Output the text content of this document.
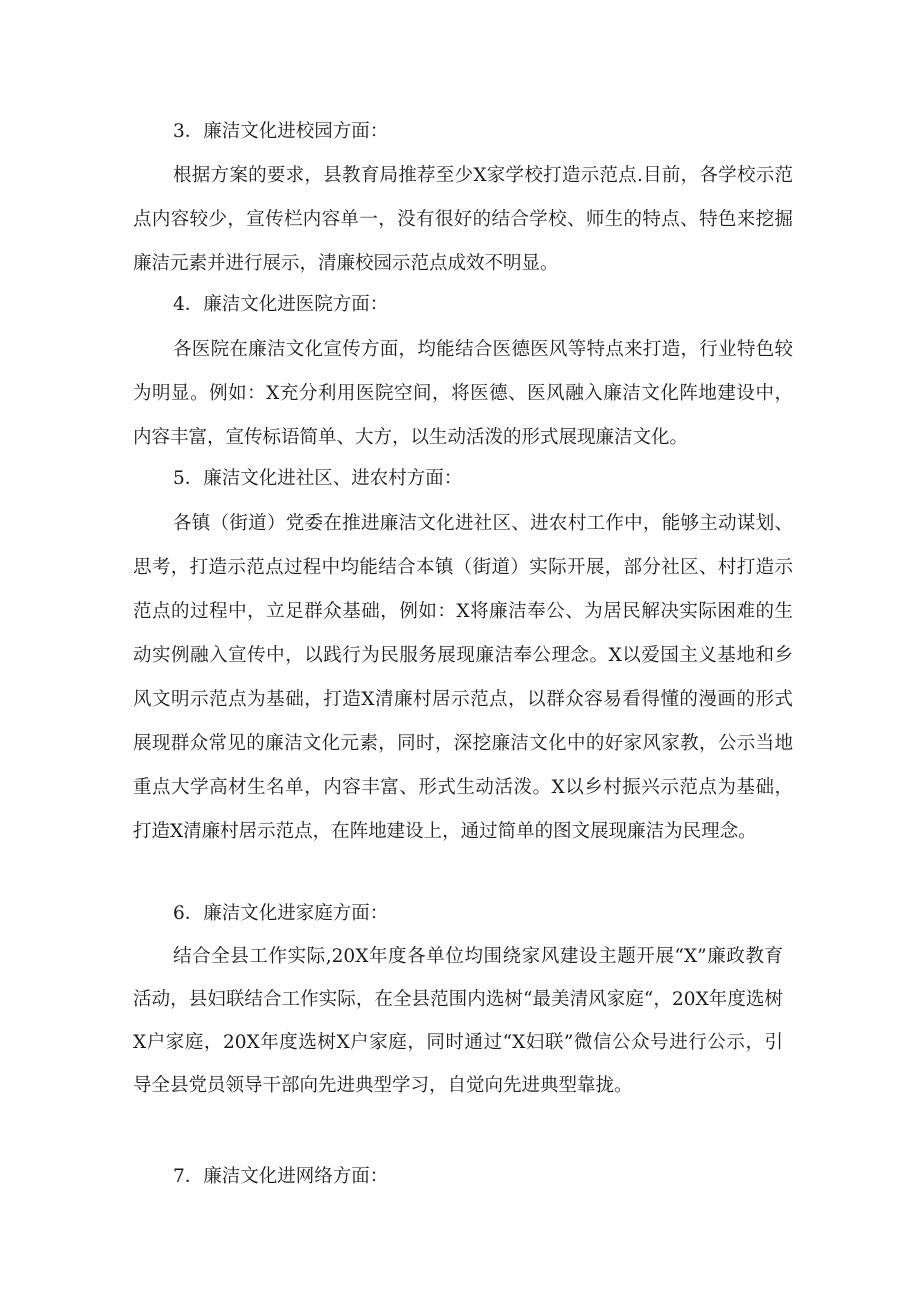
3．廉洁文化进校园方面：

根据方案的要求，县教育局推荐至少X家学校打造示范点.目前，各学校示范点内容较少，宣传栏内容单一，没有很好的结合学校、师生的特点、特色来挖掘廉洁元素并进行展示，清廉校园示范点成效不明显。

4．廉洁文化进医院方面：

各医院在廉洁文化宣传方面，均能结合医德医风等特点来打造，行业特色较为明显。例如：X充分利用医院空间，将医德、医风融入廉洁文化阵地建设中，内容丰富，宣传标语简单、大方，以生动活泼的形式展现廉洁文化。

5．廉洁文化进社区、进农村方面：

各镇（街道）党委在推进廉洁文化进社区、进农村工作中，能够主动谋划、思考，打造示范点过程中均能结合本镇（街道）实际开展，部分社区、村打造示范点的过程中，立足群众基础，例如：X将廉洁奉公、为居民解决实际困难的生动实例融入宣传中，以践行为民服务展现廉洁奉公理念。X以爱国主义基地和乡风文明示范点为基础，打造X清廉村居示范点，以群众容易看得懂的漫画的形式展现群众常见的廉洁文化元素，同时，深挖廉洁文化中的好家风家教，公示当地重点大学高材生名单，内容丰富、形式生动活泼。X以乡村振兴示范点为基础，打造X清廉村居示范点，在阵地建设上，通过简单的图文展现廉洁为民理念。

6．廉洁文化进家庭方面：

结合全县工作实际,20X年度各单位均围绕家风建设主题开展“X”廉政教育活动，县妇联结合工作实际，在全县范围内选树“最美清风家庭“，20X年度选树X户家庭，20X年度选树X户家庭，同时通过“X妇联”微信公众号进行公示，引导全县党员领导干部向先进典型学习，自觉向先进典型靠拢。

7．廉洁文化进网络方面：
